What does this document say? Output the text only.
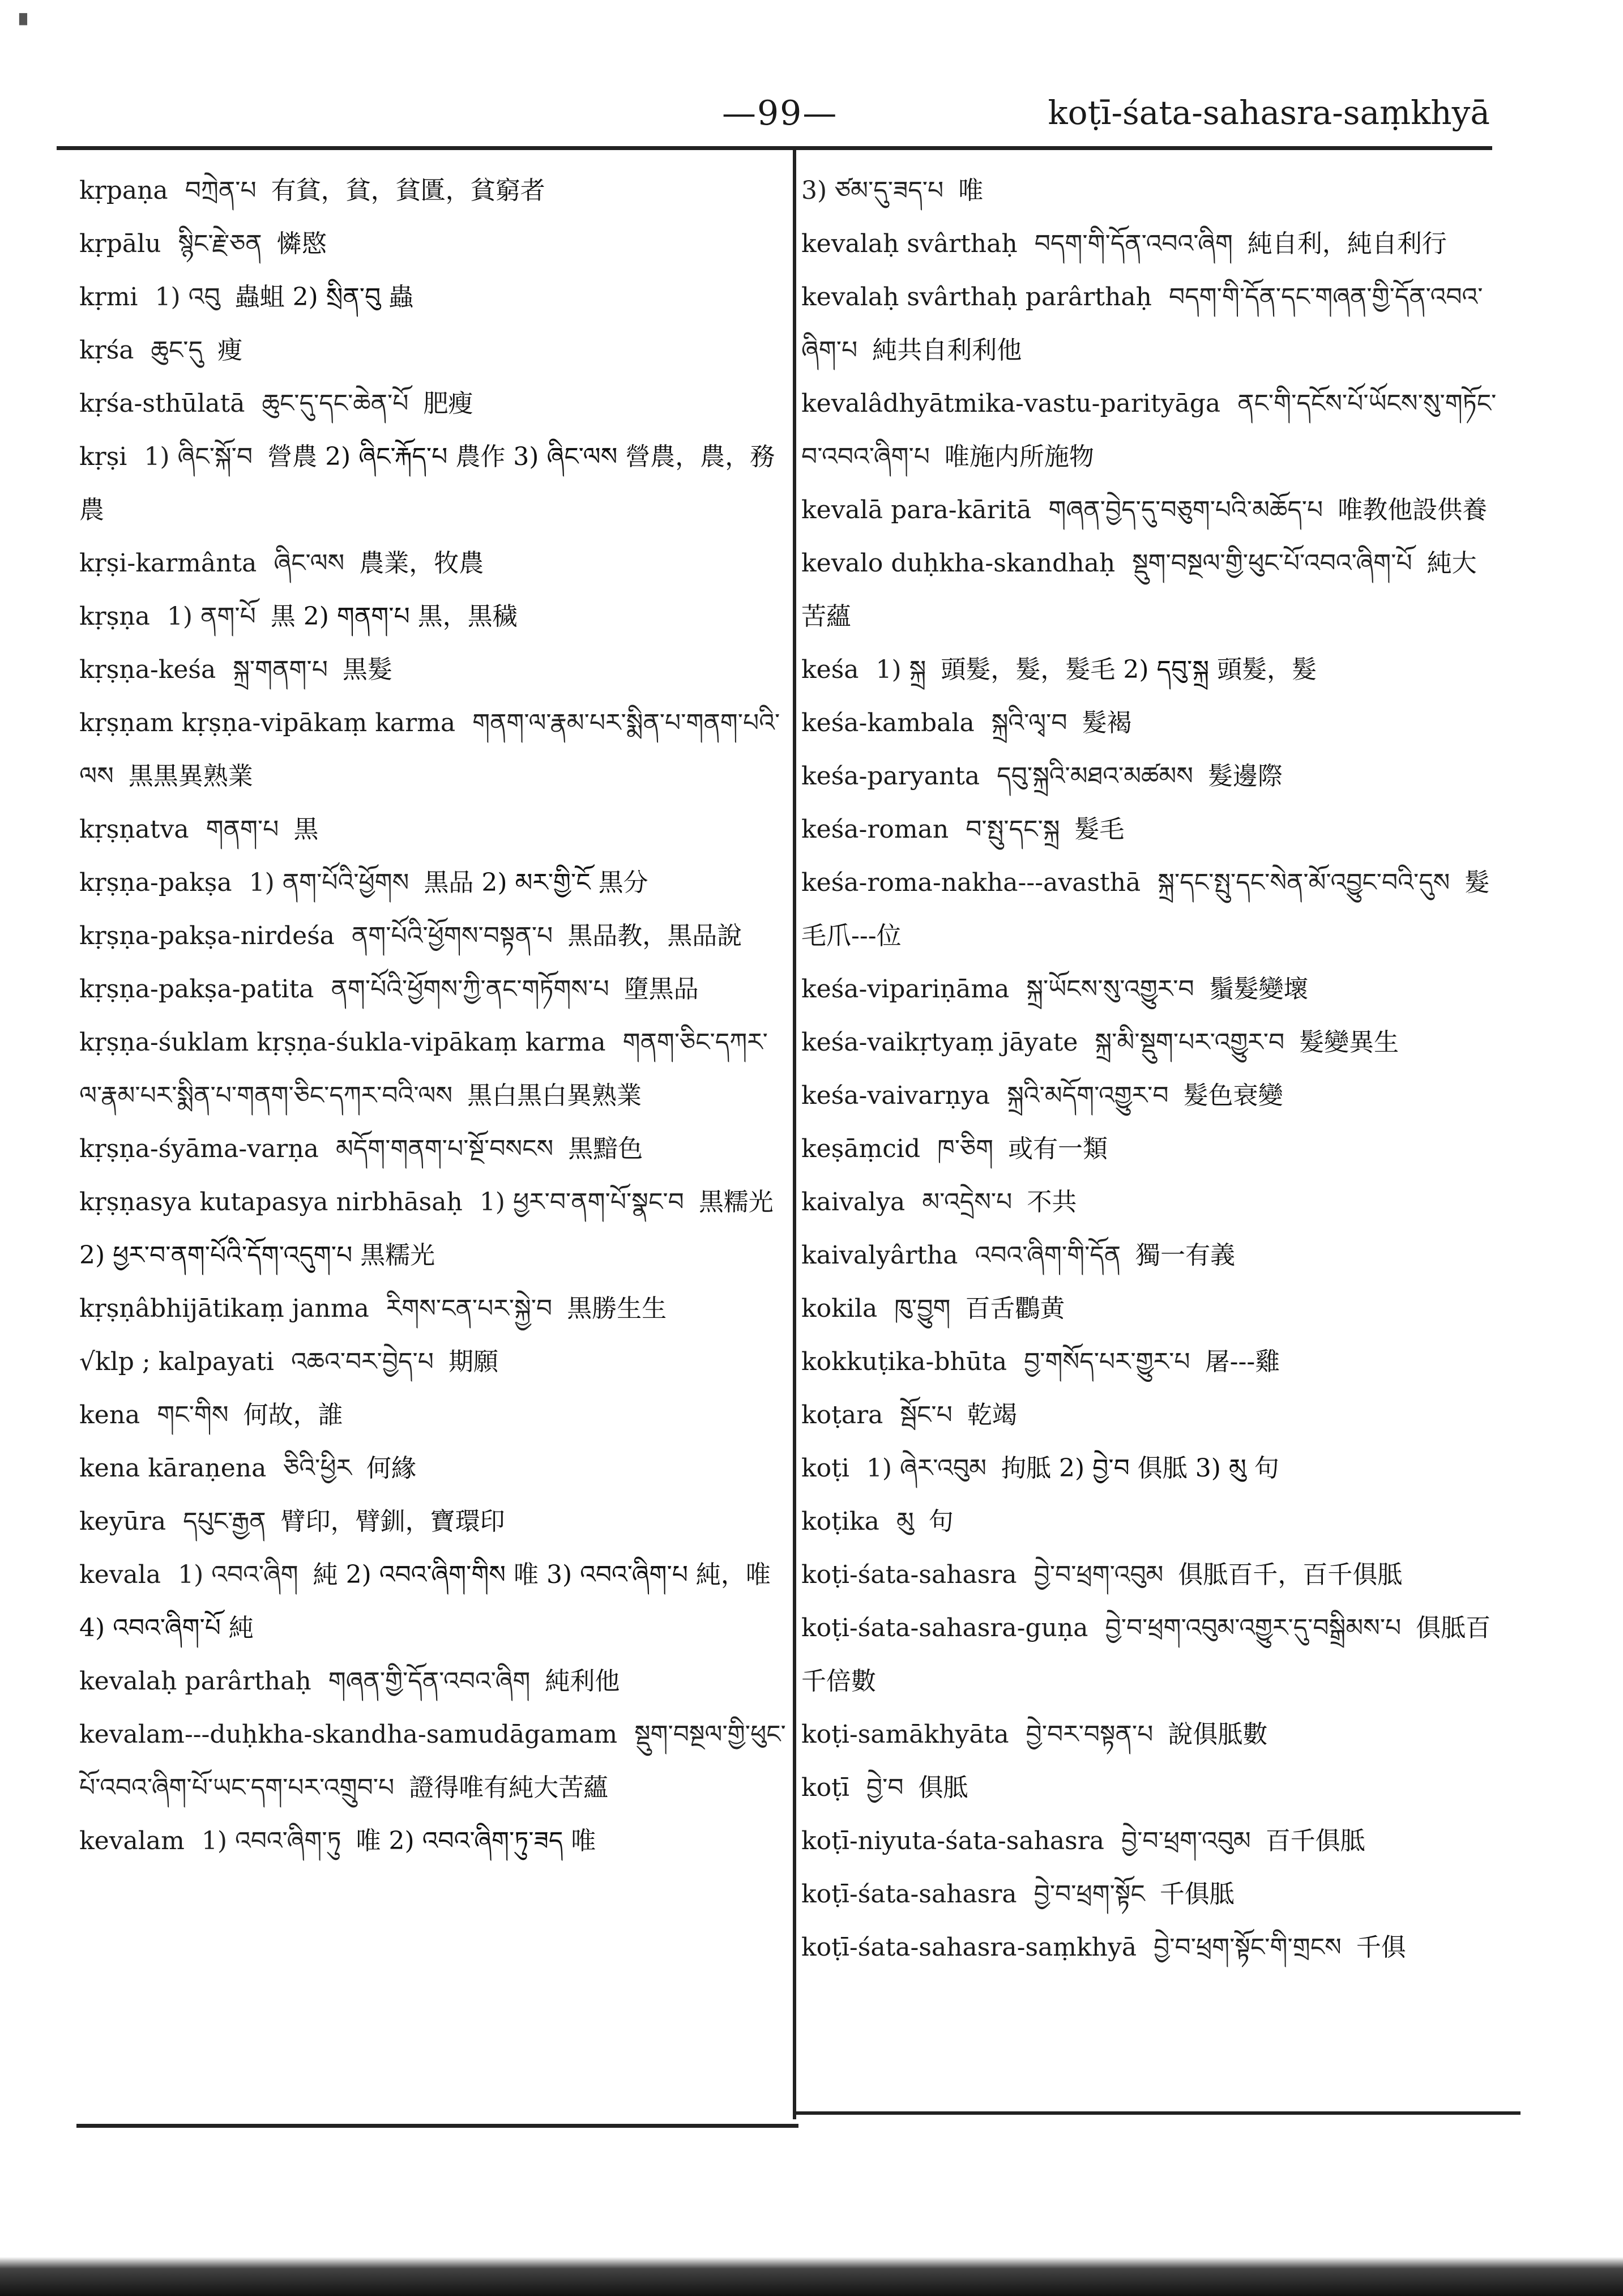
▝
—99—	koṭī-śata-sahasra-saṃkhyā
kṛpaṇa བཀྲེན་པ 有貧，貧，貧匱，貧窮者
kṛpālu སྙིང་རྗེ་ཅན 憐愍
kṛmi 1) འབུ 蟲蛆 2) སྲིན་བུ 蟲
kṛśa ཆུང་དུ 痩
kṛśa-sthūlatā ཆུང་དུ་དང་ཆེན་པོ 肥瘦
kṛṣi 1) ཞིང་སྐོ་བ 營農 2) ཞིང་རྐོད་པ 農作 3) ཞིང་ལས 營農，農，務農
kṛṣi-karmânta ཞིང་ལས 農業，牧農
kṛṣṇa 1) ནག་པོ 黒 2) གནག་པ 黒，黒穢
kṛṣṇa-keśa སྐྲ་གནག་པ 黒髮
kṛṣṇam kṛṣṇa-vipākaṃ karma གནག་ལ་རྣམ་པར་སྨིན་པ་གནག་པའི་ལས 黒黒異熟業
kṛṣṇatva གནག་པ 黒
kṛṣṇa-pakṣa 1) ནག་པོའི་ཕྱོགས 黒品 2) མར་གྱི་ངོ 黒分
kṛṣṇa-pakṣa-nirdeśa ནག་པོའི་ཕྱོགས་བསྟན་པ 黒品教，黒品說
kṛṣṇa-pakṣa-patita ནག་པོའི་ཕྱོགས་ཀྱི་ནང་གཏོགས་པ 墮黒品
kṛṣṇa-śuklam kṛṣṇa-śukla-vipākaṃ karma གནག་ཅིང་དཀར་ལ་རྣམ་པར་སྨིན་པ་གནག་ཅིང་དཀར་བའི་ལས 黒白黒白異熟業
kṛṣṇa-śyāma-varṇa མདོག་གནག་པ་སྔོ་བསངས 黒黯色
kṛṣṇasya kutapasya nirbhāsaḥ 1) ཕྱར་བ་ནག་པོ་སྣང་བ 黒糯光 2) ཕྱར་བ་ནག་པོའི་དོག་འདུག་པ 黒糯光
kṛṣṇâbhijātikaṃ janma རིགས་ངན་པར་སྐྱེ་བ 黒勝生生
√klp ; kalpayati འཆའ་བར་བྱེད་པ 期願
kena གང་གིས 何故，誰
kena kāraṇena ཅིའི་ཕྱིར 何緣
keyūra དཔུང་རྒྱན 臂印，臂釧，寶環印
kevala 1) འབའ་ཞིག 純 2) འབའ་ཞིག་གིས 唯 3) འབའ་ཞིག་པ 純，唯 4) འབའ་ཞིག་པོ 純
kevalaḥ parârthaḥ གཞན་གྱི་དོན་འབའ་ཞིག 純利他
kevalam---duḥkha-skandha-samudāgamam སྡུག་བསྔལ་གྱི་ཕུང་པོ་འབའ་ཞིག་པོ་ཡང་དག་པར་འགྲུབ་པ 證得唯有純大苦蘊
kevalam 1) འབའ་ཞིག་ཏུ 唯 2) འབའ་ཞིག་ཏུ་ཟད 唯
3) ཙམ་དུ་ཟད་པ 唯
kevalaḥ svârthaḥ བདག་གི་དོན་འབའ་ཞིག 純自利，純自利行
kevalaḥ svârthaḥ parârthaḥ བདག་གི་དོན་དང་གཞན་གྱི་དོན་འབའ་ཞིག་པ 純共自利利他
kevalâdhyātmika-vastu-parityāga ནང་གི་དངོས་པོ་ཡོངས་སུ་གཏོང་བ་འབའ་ཞིག་པ 唯施内所施物
kevalā para-kāritā གཞན་བྱེད་དུ་བཅུག་པའི་མཆོད་པ 唯教他設供養
kevalo duḥkha-skandhaḥ སྡུག་བསྔལ་གྱི་ཕུང་པོ་འབའ་ཞིག་པོ 純大苦蘊
keśa 1) སྐྲ 頭髮，髮，髮毛 2) དབུ་སྐྲ 頭髮，髮
keśa-kambala སྐྲའི་ལྭ་བ 髮褐
keśa-paryanta དབུ་སྐྲའི་མཐའ་མཚམས 髮邊際
keśa-roman བ་སྤུ་དང་སྐྲ 髮毛
keśa-roma-nakha---avasthā སྐྲ་དང་སྤུ་དང་སེན་མོ་འབྱུང་བའི་དུས 髮毛爪---位
keśa-vipariṇāma སྐྲ་ཡོངས་སུ་འགྱུར་བ 鬚髮變壞
keśa-vaikṛtyaṃ jāyate སྐྲ་མི་སྡུག་པར་འགྱུར་བ 髮變異生
keśa-vaivarṇya སྐྲའི་མདོག་འགྱུར་བ 髮色衰變
keṣāṃcid ཁ་ཅིག 或有一類
kaivalya མ་འདྲེས་པ 不共
kaivalyârtha འབའ་ཞིག་གི་དོན 獨一有義
kokila ཁུ་བྱུག 百舌鸜黄
kokkuṭika-bhūta བྱ་གསོད་པར་གྱུར་པ 屠---雞
koṭara སྦོང་པ 乾竭
koṭi 1) ཞེར་འབུམ 拘胝 2) བྱེ་བ 俱胝 3) མུ 句
koṭika མུ 句
koṭi-śata-sahasra བྱེ་བ་ཕྲག་འབུམ 俱胝百千，百千俱胝
koṭi-śata-sahasra-guṇa བྱེ་བ་ཕྲག་འབུམ་འགྱུར་དུ་བསྒྲིམས་པ 俱胝百千倍數
koṭi-samākhyāta བྱེ་བར་བསྟན་པ 說俱胝數
koṭī བྱེ་བ 俱胝
koṭī-niyuta-śata-sahasra བྱེ་བ་ཕྲག་འབུམ 百千俱胝
koṭī-śata-sahasra བྱེ་བ་ཕྲག་སྟོང 千俱胝
koṭī-śata-sahasra-saṃkhyā བྱེ་བ་ཕྲག་སྟོང་གི་གྲངས 千俱
